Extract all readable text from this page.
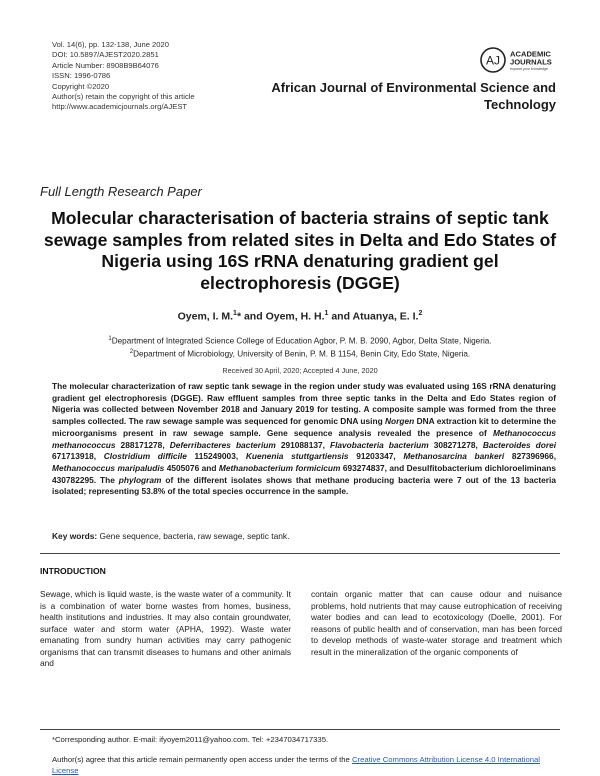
Vol. 14(6), pp. 132-138, June 2020
DOI: 10.5897/AJEST2020.2851
Article Number: 8908B9B64076
ISSN: 1996-0786
Copyright ©2020
Author(s) retain the copyright of this article
http://www.academicjournals.org/AJEST
AJ ACADEMIC
JOURNALS
expand your knowledge
African Journal of Environmental Science and
Technology
Full Length Research Paper
Molecular characterisation of bacteria strains of septic tank sewage samples from related sites in Delta and Edo States of Nigeria using 16S rRNA denaturing gradient gel electrophoresis (DGGE)
Oyem, I. M.$^1$* and Oyem, H. H.$^1$ and Atuanya, E. I.$^2$
$^1$Department of Integrated Science College of Education Agbor, P. M. B. 2090, Agbor, Delta State, Nigeria.
$^2$Department of Microbiology, University of Benin, P. M. B 1154, Benin City, Edo State, Nigeria.
Received 30 April, 2020; Accepted 4 June, 2020
The molecular characterization of raw septic tank sewage in the region under study was evaluated using 16S rRNA denaturing gradient gel electrophoresis (DGGE). Raw effluent samples from three septic tanks in the Delta and Edo States region of Nigeria was collected between November 2018 and January 2019 for testing. A composite sample was formed from the three samples collected. The raw sewage sample was sequenced for genomic DNA using Norgen DNA extraction kit to determine the microorganisms present in raw sewage sample. Gene sequence analysis revealed the presence of Methanococcus methanococcus 288171278, Deferribacteres bacterium 291088137, Flavobacteria bacterium 308271278, Bacteroides dorei 671713918, Clostridium difficile 115249003, Kuenenia stuttgartiensis 91203347, Methanosarcina bankeri 827396966, Methanococcus maripaludis 4505076 and Methanobacterium formicicum 693274837, and Desulfitobacterium dichloroeliminans 430782295. The phylogram of the different isolates shows that methane producing bacteria were 7 out of the 13 bacteria isolated; representing 53.8% of the total species occurrence in the sample.
Key words: Gene sequence, bacteria, raw sewage, septic tank.
INTRODUCTION
Sewage, which is liquid waste, is the waste water of a community. It is a combination of water borne wastes from homes, business, health institutions and industries. It may also contain groundwater, surface water and storm water (APHA, 1992). Waste water emanating from sundry human activities may carry pathogenic organisms that can transmit diseases to humans and other animals and
contain organic matter that can cause odour and nuisance problems, hold nutrients that may cause eutrophication of receiving water bodies and can lead to ecotoxicology (Doelle, 2001). For reasons of public health and of conservation, man has been forced to develop methods of waste-water storage and treatment which result in the mineralization of the organic components of
*Corresponding author. E-mail: ifyoyem2011@yahoo.com. Tel: +2347034717335.
Author(s) agree that this article remain permanently open access under the terms of the Creative Commons Attribution License 4.0 International License
